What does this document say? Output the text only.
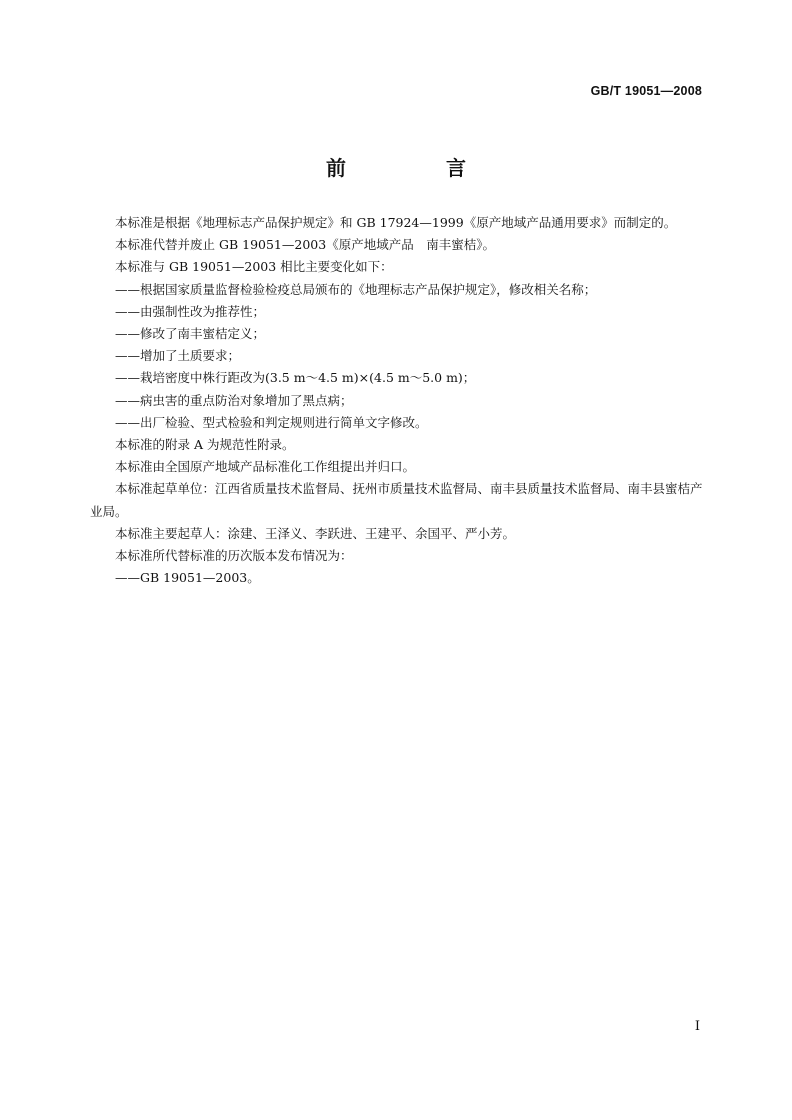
GB/T 19051—2008
前　言

本标准是根据《地理标志产品保护规定》和 GB 17924—1999《原产地域产品通用要求》而制定的。

本标准代替并废止 GB 19051—2003《原产地域产品　南丰蜜桔》。

本标准与 GB 19051—2003 相比主要变化如下：

——根据国家质量监督检验检疫总局颁布的《地理标志产品保护规定》，修改相关名称；

——由强制性改为推荐性；

——修改了南丰蜜桔定义；

——增加了土质要求；

——栽培密度中株行距改为(3.5 m～4.5 m)×(4.5 m～5.0 m)；

——病虫害的重点防治对象增加了黑点病；

——出厂检验、型式检验和判定规则进行简单文字修改。

本标准的附录 A 为规范性附录。

本标准由全国原产地域产品标准化工作组提出并归口。

本标准起草单位：江西省质量技术监督局、抚州市质量技术监督局、南丰县质量技术监督局、南丰县蜜桔产业局。

本标准主要起草人：涂建、王泽义、李跃进、王建平、余国平、严小芳。

本标准所代替标准的历次版本发布情况为：

——GB 19051—2003。

I
